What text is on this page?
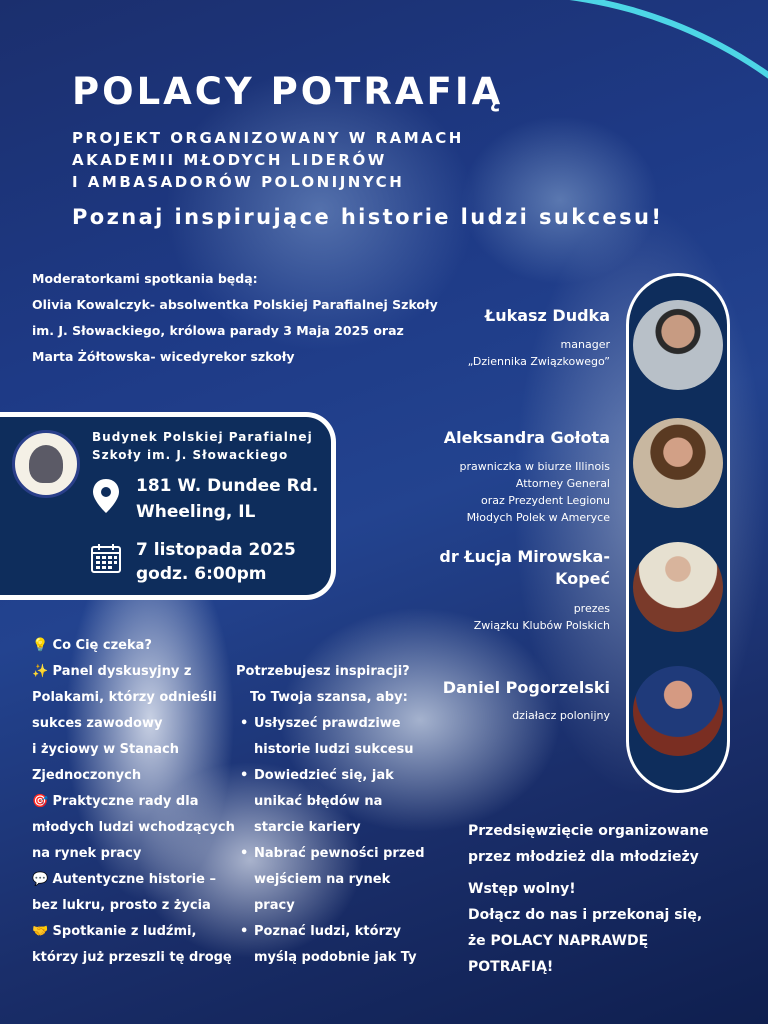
POLACY POTRAFIĄ
PROJEKT ORGANIZOWANY W RAMACH
AKADEMII MŁODYCH LIDERÓW
I AMBASADORÓW POLONIJNYCH
Poznaj inspirujące historie ludzi sukcesu!
Moderatorkami spotkania będą:
Olivia Kowalczyk- absolwentka Polskiej Parafialnej Szkoły
im. J. Słowackiego, królowa parady 3 Maja 2025 oraz
Marta Żółtowska- wicedyrekor szkoły
Budynek Polskiej Parafialnej
Szkoły im. J. Słowackiego
181 W. Dundee Rd.
Wheeling, IL
7 listopada 2025
godz. 6:00pm
Łukasz Dudka
manager
„Dziennika Związkowego”
Aleksandra Gołota
prawniczka w biurze Illinois
Attorney General
oraz Prezydent Legionu
Młodych Polek w Ameryce
dr Łucja Mirowska-
Kopeć
prezes
Związku Klubów Polskich
Daniel Pogorzelski
działacz polonijny
💡 Co Cię czeka?
✨ Panel dyskusyjny z
Polakami, którzy odnieśli
sukces zawodowy
i życiowy w Stanach
Zjednoczonych
🎯 Praktyczne rady dla
młodych ludzi wchodzących
na rynek pracy
💬 Autentyczne historie –
bez lukru, prosto z życia
🤝 Spotkanie z ludźmi,
którzy już przeszli tę drogę
Potrzebujesz inspiracji?
To Twoja szansa, aby:
• Usłyszeć prawdziwe
historie ludzi sukcesu
• Dowiedzieć się, jak
unikać błędów na
starcie kariery
• Nabrać pewności przed
wejściem na rynek
pracy
• Poznać ludzi, którzy
myślą podobnie jak Ty
Przedsięwzięcie organizowane
przez młodzież dla młodzieży
Wstęp wolny!
Dołącz do nas i przekonaj się,
że POLACY NAPRAWDĘ
POTRAFIĄ!
